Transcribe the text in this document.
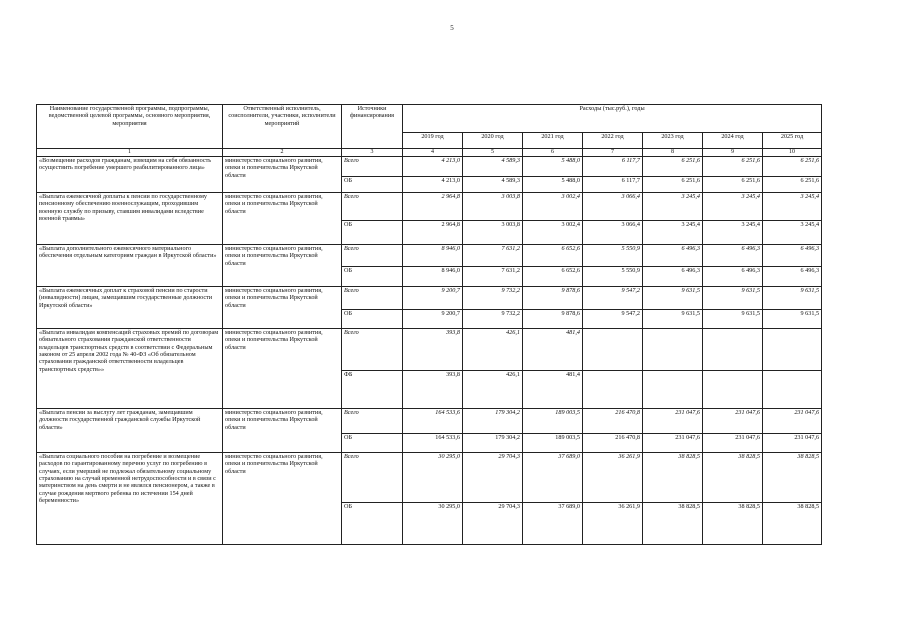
5
Наименование государственной программы, подпрограммы, ведомственной целевой программы, основного мероприятия, мероприятия	Ответственный исполнитель, соисполнители, участники, исполнители мероприятий	Источники финансирования	Расходы (тыс.руб.), годы						
			2019 год	2020 год	2021 год	2022 год	2023 год	2024 год	2025 год
1	2	3	4	5	6	7	8	9	10
«Возмещение расходов гражданам, извещим на себя обязанность осуществить погребение умершего реабилитированного лица»	министерство социального развития, опеки и попечительства Иркутской области	Всего	4 213,0	4 589,3	5 488,0	6 117,7	6 251,6	6 251,6	6 251,6
		ОБ	4 213,0	4 589,3	5 488,0	6 117,7	6 251,6	6 251,6	6 251,6
«Выплата ежемесячной доплаты к пенсии по государственному пенсионному обеспечению военнослужащим, проходившим военную службу по призыву, ставшим инвалидами вследствие военной травмы»	министерство социального развития, опеки и попечительства Иркутской области	Всего	2 964,8	3 003,8	3 002,4	3 066,4	3 245,4	3 245,4	3 245,4
		ОБ	2 964,8	3 003,8	3 002,4	3 066,4	3 245,4	3 245,4	3 245,4
«Выплата дополнительного ежемесячного материального обеспечения отдельным категориям граждан в Иркутской области»	министерство социального развития, опеки и попечительства Иркутской области	Всего	8 946,0	7 631,2	6 652,6	5 550,9	6 496,3	6 496,3	6 496,3
		ОБ	8 946,0	7 631,2	6 652,6	5 550,9	6 496,3	6 496,3	6 496,3
«Выплата ежемесячных доплат к страховой пенсии по старости (инвалидности) лицам, замещавшим государственные должности Иркутской области»	министерство социального развития, опеки и попечительства Иркутской области	Всего	9 200,7	9 732,2	9 878,6	9 547,2	9 631,5	9 631,5	9 631,5
		ОБ	9 200,7	9 732,2	9 878,6	9 547,2	9 631,5	9 631,5	9 631,5
«Выплата инвалидам компенсаций страховых премий по договорам обязательного страхования гражданской ответственности владельцев транспортных средств в соответствии с Федеральным законом от 25 апреля 2002 года № 40-ФЗ «Об обязательном страховании гражданской ответственности владельцев транспортных средств»»	министерство социального развития, опеки и попечительства Иркутской области	Всего	393,8	426,1	481,4				
		ФБ	393,8	426,1	481,4				
«Выплата пенсии за выслугу лет гражданам, замещавшим должности государственной гражданской службы Иркутской области»	министерство социального развития, опеки и попечительства Иркутской области	Всего	164 533,6	179 304,2	189 003,5	216 470,8	231 047,6	231 047,6	231 047,6
		ОБ	164 533,6	179 304,2	189 003,5	216 470,8	231 047,6	231 047,6	231 047,6
«Выплата социального пособия на погребение и возмещение расходов по гарантированному перечню услуг по погребению в случаях, если умерший не подлежал обязательному социальному страхованию на случай временной нетрудоспособности и в связи с материнством на день смерти и не являлся пенсионером, а также в случае рождения мертвого ребенка по истечении 154 дней беременности»	министерство социального развития, опеки и попечительства Иркутской области	Всего	30 295,0	29 704,3	37 689,0	36 261,9	38 828,5	38 828,5	38 828,5
		ОБ	30 295,0	29 704,3	37 689,0	36 261,9	38 828,5	38 828,5	38 828,5
